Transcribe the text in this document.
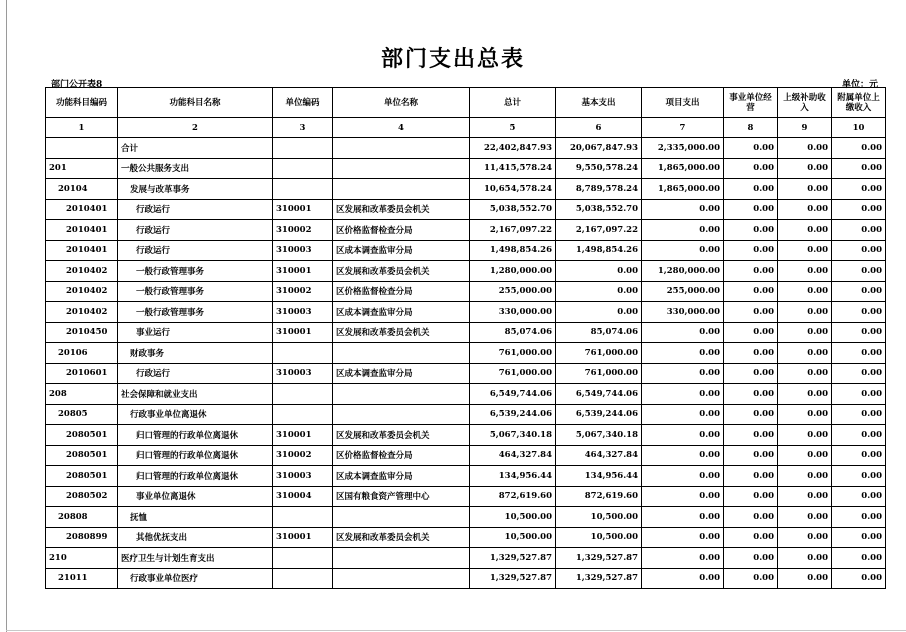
部门支出总表
部门公开表8	单位：元
功能科目编码	功能科目名称	单位编码	单位名称	总计	基本支出	项目支出	事业单位经营	上级补助收入	附属单位上缴收入
1	2	3	4	5	6	7	8	9	10
	合计			22,402,847.93	20,067,847.93	2,335,000.00	0.00	0.00	0.00
201	一般公共服务支出			11,415,578.24	9,550,578.24	1,865,000.00	0.00	0.00	0.00
20104	发展与改革事务			10,654,578.24	8,789,578.24	1,865,000.00	0.00	0.00	0.00
2010401	行政运行	310001	区发展和改革委员会机关	5,038,552.70	5,038,552.70	0.00	0.00	0.00	0.00
2010401	行政运行	310002	区价格监督检查分局	2,167,097.22	2,167,097.22	0.00	0.00	0.00	0.00
2010401	行政运行	310003	区成本调查监审分局	1,498,854.26	1,498,854.26	0.00	0.00	0.00	0.00
2010402	一般行政管理事务	310001	区发展和改革委员会机关	1,280,000.00	0.00	1,280,000.00	0.00	0.00	0.00
2010402	一般行政管理事务	310002	区价格监督检查分局	255,000.00	0.00	255,000.00	0.00	0.00	0.00
2010402	一般行政管理事务	310003	区成本调查监审分局	330,000.00	0.00	330,000.00	0.00	0.00	0.00
2010450	事业运行	310001	区发展和改革委员会机关	85,074.06	85,074.06	0.00	0.00	0.00	0.00
20106	财政事务			761,000.00	761,000.00	0.00	0.00	0.00	0.00
2010601	行政运行	310003	区成本调查监审分局	761,000.00	761,000.00	0.00	0.00	0.00	0.00
208	社会保障和就业支出			6,549,744.06	6,549,744.06	0.00	0.00	0.00	0.00
20805	行政事业单位离退休			6,539,244.06	6,539,244.06	0.00	0.00	0.00	0.00
2080501	归口管理的行政单位离退休	310001	区发展和改革委员会机关	5,067,340.18	5,067,340.18	0.00	0.00	0.00	0.00
2080501	归口管理的行政单位离退休	310002	区价格监督检查分局	464,327.84	464,327.84	0.00	0.00	0.00	0.00
2080501	归口管理的行政单位离退休	310003	区成本调查监审分局	134,956.44	134,956.44	0.00	0.00	0.00	0.00
2080502	事业单位离退休	310004	区国有粮食资产管理中心	872,619.60	872,619.60	0.00	0.00	0.00	0.00
20808	抚恤			10,500.00	10,500.00	0.00	0.00	0.00	0.00
2080899	其他优抚支出	310001	区发展和改革委员会机关	10,500.00	10,500.00	0.00	0.00	0.00	0.00
210	医疗卫生与计划生育支出			1,329,527.87	1,329,527.87	0.00	0.00	0.00	0.00
21011	行政事业单位医疗			1,329,527.87	1,329,527.87	0.00	0.00	0.00	0.00
